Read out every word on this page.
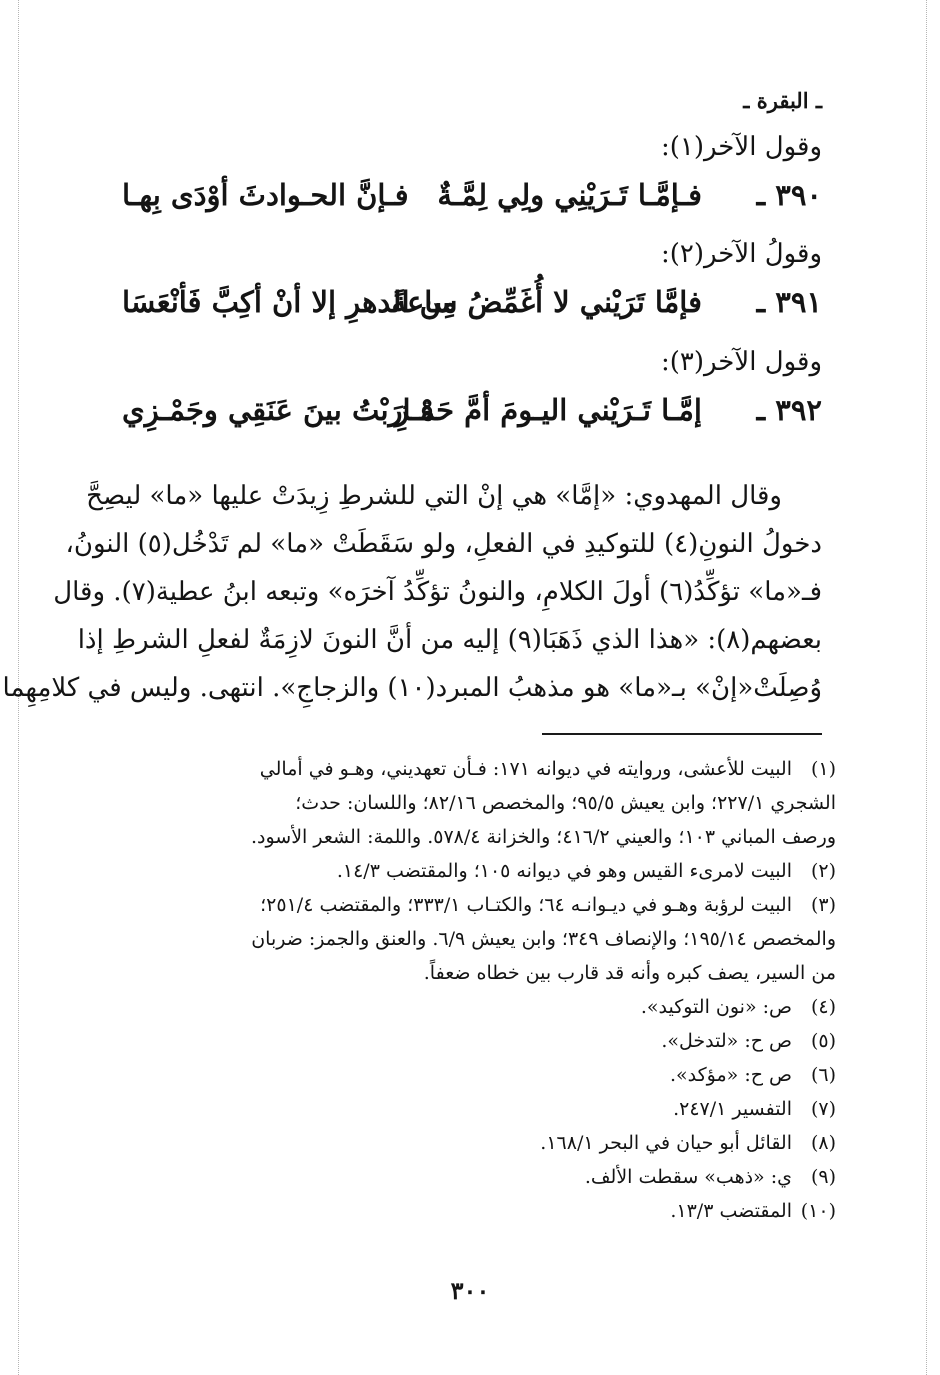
ـ البقرة ـ
وقول الآخر(١):
٣٩٠ ـ
فـإمَّـا تَـرَيْنِي ولِي لِمَّـةٌ
فـإنَّ الحـوادثَ أوْدَى بِهـا
وقولُ الآخر(٢):
٣٩١ ـ
فإمَّا تَرَيْني لا أُغَمِّضُ ساعةً
مِن الدهرِ إلا أنْ أكِبَّ فَأنْعَسَا
وقول الآخر(٣):
٣٩٢ ـ
إمَّـا تَـرَيْني اليـومَ أمَّ حَمْـزِ
قـارَبْتُ بينَ عَنَقِي وجَمْـزِي
وقال المهدوي: «إمَّا» هي إنْ التي للشرطِ زِيدَتْ عليها «ما» ليصِحَّ
دخولُ النونِ(٤) للتوكيدِ في الفعلِ، ولو سَقَطَتْ «ما» لم تَدْخُل(٥) النونُ،
فـ«ما» تؤكِّدُ(٦) أولَ الكلامِ، والنونُ تؤكِّدُ آخرَه» وتبعه ابنُ عطية(٧). وقال
بعضهم(٨): «هذا الذي ذَهَبَا(٩) إليه من أنَّ النونَ لازِمَةٌ لفعلِ الشرطِ إذا
وُصِلَتْ«إنْ» بـ«ما» هو مذهبُ المبرد(١٠) والزجاجِ». انتهى. وليس في كلامِهِما
(١)البيت للأعشى، وروايته في ديوانه ١٧١: فـأن تعهديني، وهـو في أمالي
الشجري ٢٢٧/١؛ وابن يعيش ٩٥/٥؛ والمخصص ٨٢/١٦؛ واللسان: حدث؛
ورصف المباني ١٠٣؛ والعيني ٤١٦/٢؛ والخزانة ٥٧٨/٤. واللمة: الشعر الأسود.
(٢)البيت لامرىء القيس وهو في ديوانه ١٠٥؛ والمقتضب ١٤/٣.
(٣)البيت لرؤبة وهـو في ديـوانـه ٦٤؛ والكتـاب ٣٣٣/١؛ والمقتضب ٢٥١/٤؛
والمخصص ١٩٥/١٤؛ والإنصاف ٣٤٩؛ وابن يعيش ٦/٩. والعنق والجمز: ضربان
من السير، يصف كبره وأنه قد قارب بين خطاه ضعفاً.
(٤)ص: «نون التوكيد».
(٥)ص ح: «لتدخل».
(٦)ص ح: «مؤكد».
(٧)التفسير ٢٤٧/١.
(٨)القائل أبو حيان في البحر ١٦٨/١.
(٩)ي: «ذهب» سقطت الألف.
(١٠)المقتضب ١٣/٣.
٣٠٠
